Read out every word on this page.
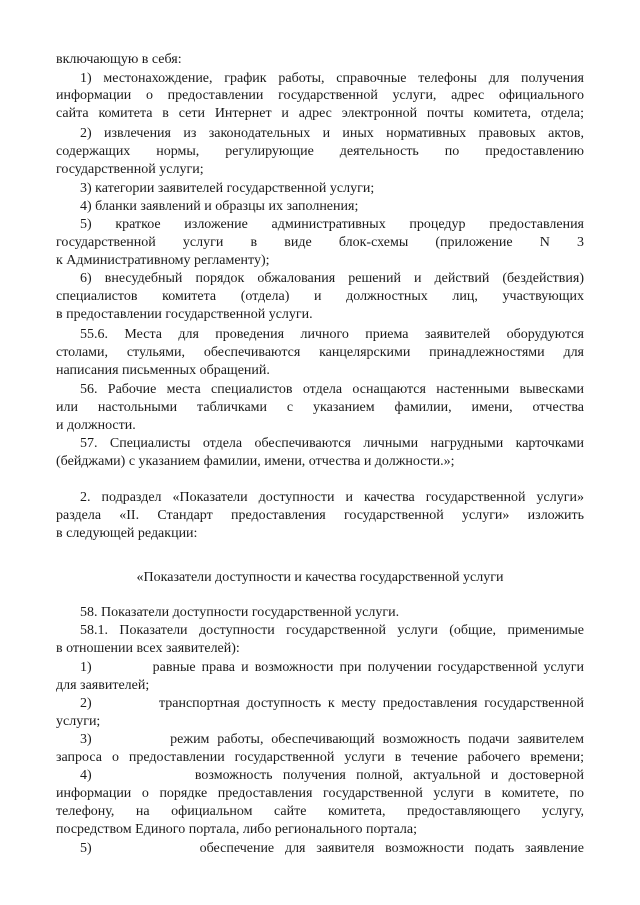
включающую в себя:
1) местонахождение, график работы, справочные телефоны для получения
информации о предоставлении государственной услуги, адрес официального
сайта комитета в сети Интернет и адрес электронной почты комитета, отдела;
2) извлечения из законодательных и иных нормативных правовых актов,
содержащих нормы, регулирующие деятельность по предоставлению
государственной услуги;
3) категории заявителей государственной услуги;
4) бланки заявлений и образцы их заполнения;
5) краткое изложение административных процедур предоставления
государственной услуги в виде блок-схемы (приложение N 3
к Административному регламенту);
6) внесудебный порядок обжалования решений и действий (бездействия)
специалистов комитета (отдела) и должностных лиц, участвующих
в предоставлении государственной услуги.
55.6. Места для проведения личного приема заявителей оборудуются
столами, стульями, обеспечиваются канцелярскими принадлежностями для
написания письменных обращений.
56. Рабочие места специалистов отдела оснащаются настенными вывесками
или настольными табличками с указанием фамилии, имени, отчества
и должности.
57. Специалисты отдела обеспечиваются личными нагрудными карточками
(бейджами) с указанием фамилии, имени, отчества и должности.»;
2. подраздел «Показатели доступности и качества государственной услуги»
раздела «II. Стандарт предоставления государственной услуги» изложить
в следующей редакции:
«Показатели доступности и качества государственной услуги
58. Показатели доступности государственной услуги.
58.1. Показатели доступности государственной услуги (общие, применимые
в отношении всех заявителей):
1)          равные права и возможности при получении государственной услуги
для заявителей;
2)          транспортная доступность к месту предоставления государственной
услуги;
3)          режим работы, обеспечивающий возможность подачи заявителем
запроса о предоставлении государственной услуги в течение рабочего времени;
4)          возможность получения полной, актуальной и достоверной
информации о порядке предоставления государственной услуги в комитете, по
телефону, на официальном сайте комитета, предоставляющего услугу,
посредством Единого портала, либо регионального портала;
5)          обеспечение для заявителя возможности подать заявление
